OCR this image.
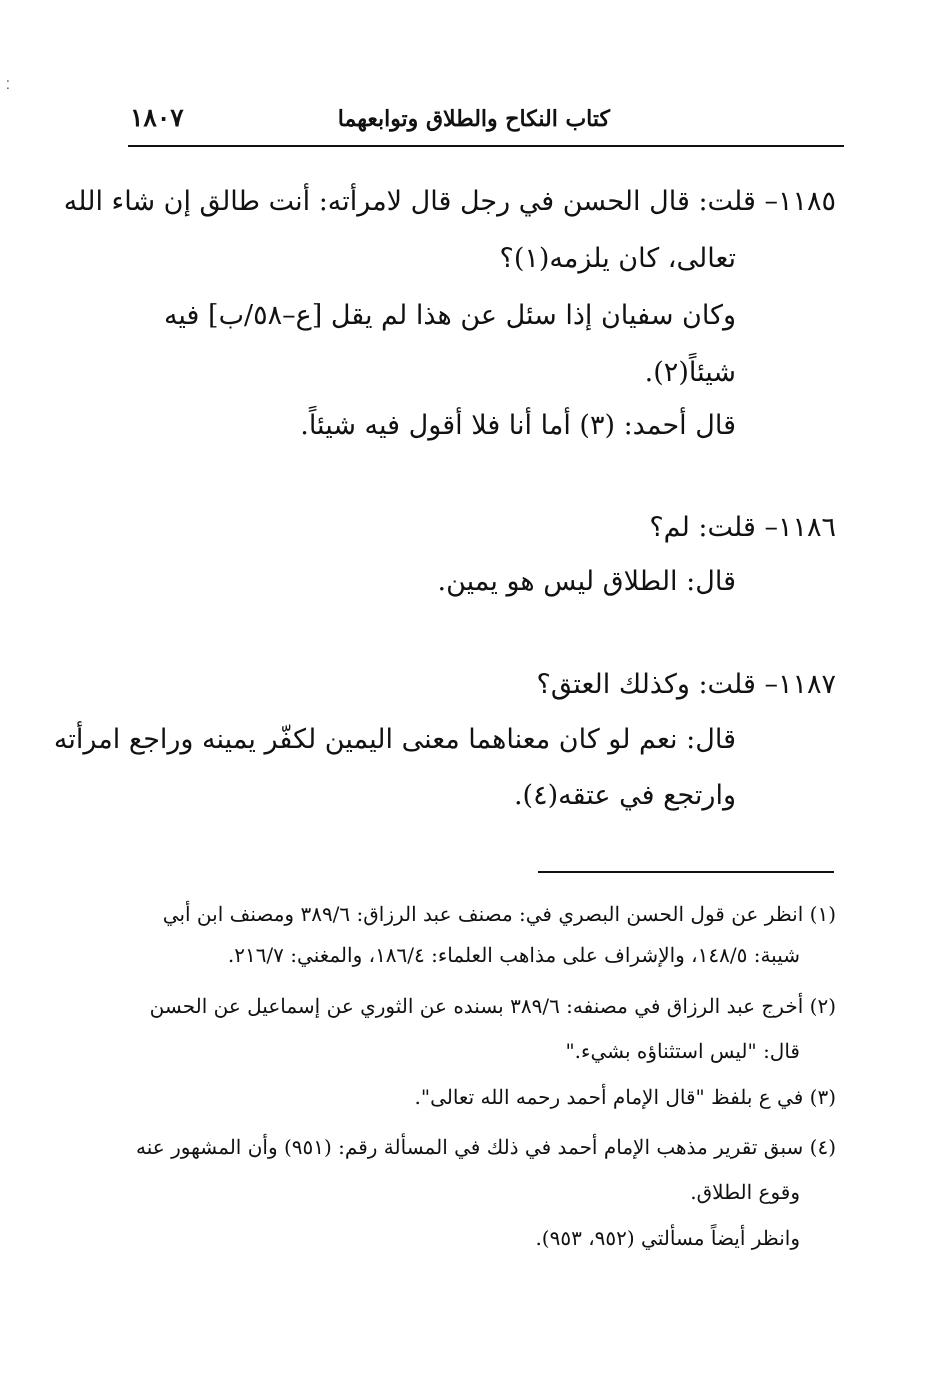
⁚
كتاب النكاح والطلاق وتوابعهما
١٨٠٧
١١٨٥– قلت: قال الحسن في رجل قال لامرأته: أنت طالق إن شاء الله
تعالى، كان يلزمه(١)؟
وكان سفيان إذا سئل عن هذا لم يقل [ع–٥٨/ب] فيه
شيئاً(٢).
قال أحمد: (٣) أما أنا فلا أقول فيه شيئاً.
١١٨٦– قلت: لم؟
قال: الطلاق ليس هو يمين.
١١٨٧– قلت: وكذلك العتق؟
قال: نعم لو كان معناهما معنى اليمين لكفّر يمينه وراجع امرأته
وارتجع في عتقه(٤).
(١) انظر عن قول الحسن البصري في: مصنف عبد الرزاق: ٣٨٩/٦ ومصنف ابن أبي
شيبة: ١٤٨/٥، والإشراف على مذاهب العلماء: ١٨٦/٤، والمغني: ٢١٦/٧.
(٢) أخرج عبد الرزاق في مصنفه: ٣٨٩/٦ بسنده عن الثوري عن إسماعيل عن الحسن
قال: "ليس استثناؤه بشيء."
(٣) في ع بلفظ "قال الإمام أحمد رحمه الله تعالى".
(٤) سبق تقرير مذهب الإمام أحمد في ذلك في المسألة رقم: (٩٥١) وأن المشهور عنه
وقوع الطلاق.
وانظر أيضاً مسألتي (٩٥٢، ٩٥٣).
